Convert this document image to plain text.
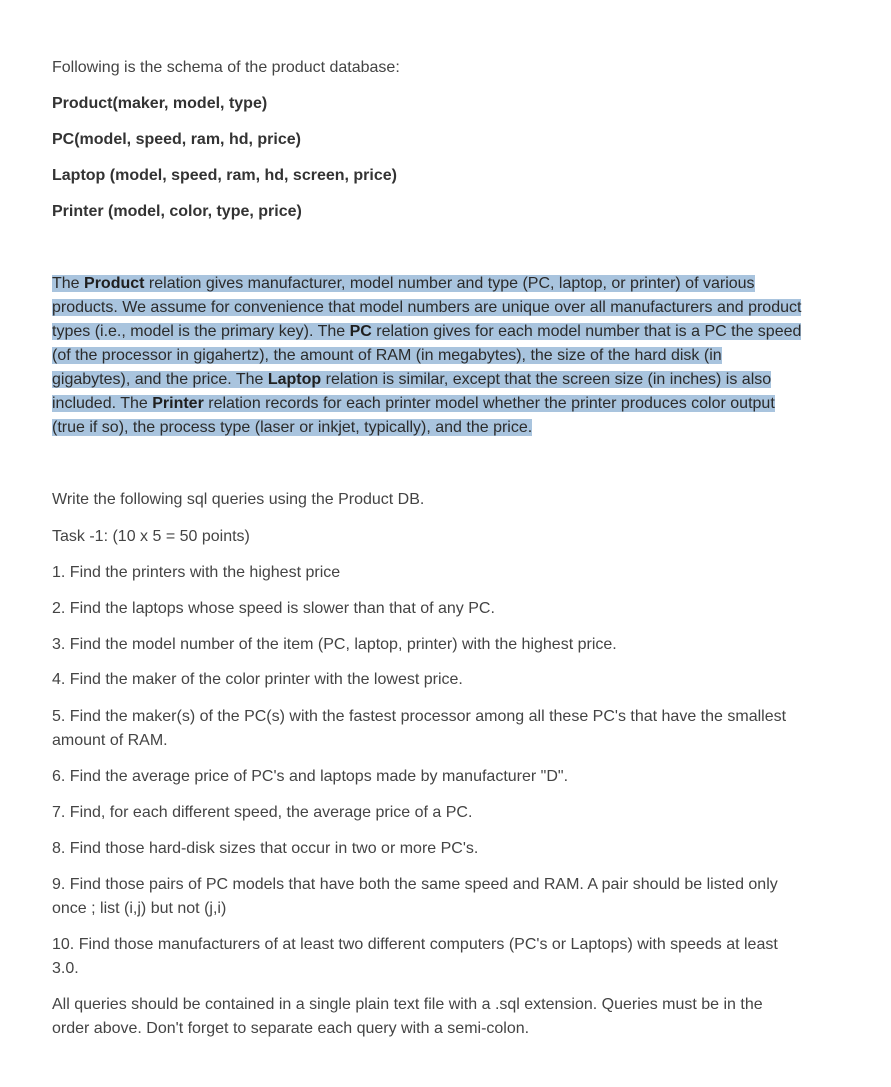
Following is the schema of the product database:
Product(maker, model, type)
PC(model, speed, ram, hd, price)
Laptop (model, speed, ram, hd, screen, price)
Printer (model, color, type, price)
The Product relation gives manufacturer, model number and type (PC, laptop, or printer) of various products. We assume for convenience that model numbers are unique over all manufacturers and product types (i.e., model is the primary key). The PC relation gives for each model number that is a PC the speed (of the processor in gigahertz), the amount of RAM (in megabytes), the size of the hard disk (in gigabytes), and the price. The Laptop relation is similar, except that the screen size (in inches) is also included. The Printer relation records for each printer model whether the printer produces color output (true if so), the process type (laser or inkjet, typically), and the price.
Write the following sql queries using the Product DB.
Task -1: (10 x 5 = 50 points)
1. Find the printers with the highest price
2. Find the laptops whose speed is slower than that of any PC.
3. Find the model number of the item (PC, laptop, printer) with the highest price.
4. Find the maker of the color printer with the lowest price.
5. Find the maker(s) of the PC(s) with the fastest processor among all these PC's that have the smallest amount of RAM.
6. Find the average price of PC's and laptops made by manufacturer "D".
7. Find, for each different speed, the average price of a PC.
8. Find those hard-disk sizes that occur in two or more PC's.
9. Find those pairs of PC models that have both the same speed and RAM. A pair should be listed only once ; list (i,j) but not (j,i)
10. Find those manufacturers of at least two different computers (PC's or Laptops) with speeds at least 3.0.
All queries should be contained in a single plain text file with a .sql extension. Queries must be in the order above. Don't forget to separate each query with a semi-colon.
